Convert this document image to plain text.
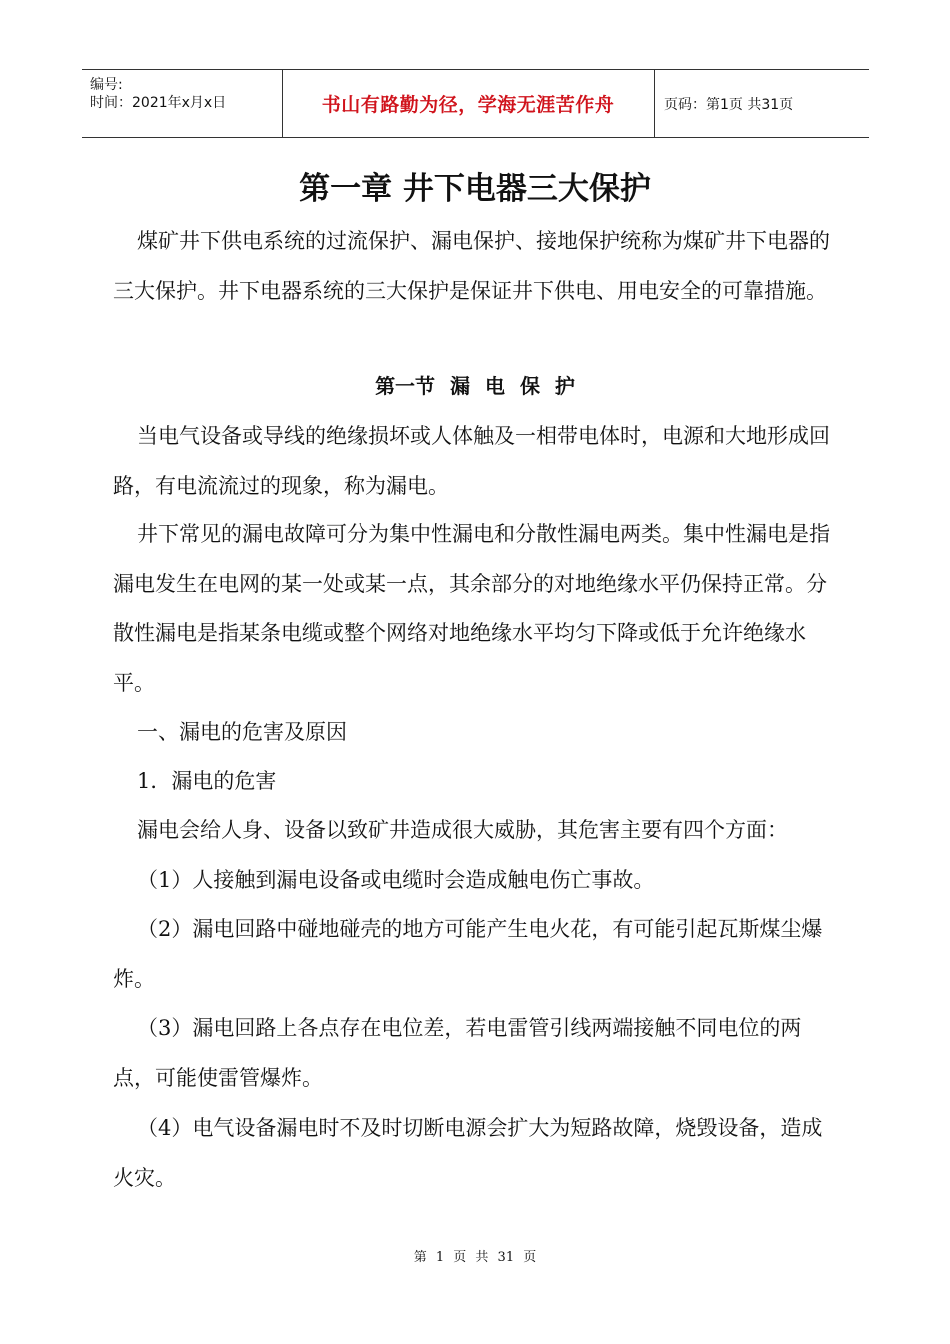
编号:
时间：2021年x月x日	书山有路勤为径，学海无涯苦作舟	页码：第1页 共31页
第一章 井下电器三大保护

煤矿井下供电系统的过流保护、漏电保护、接地保护统称为煤矿井下电器的三大保护。井下电器系统的三大保护是保证井下供电、用电安全的可靠措施。

第一节 漏 电 保 护

当电气设备或导线的绝缘损坏或人体触及一相带电体时，电源和大地形成回路，有电流流过的现象，称为漏电。

井下常见的漏电故障可分为集中性漏电和分散性漏电两类。集中性漏电是指漏电发生在电网的某一处或某一点，其余部分的对地绝缘水平仍保持正常。分散性漏电是指某条电缆或整个网络对地绝缘水平均匀下降或低于允许绝缘水平。

一、漏电的危害及原因

1．漏电的危害

漏电会给人身、设备以致矿井造成很大威胁，其危害主要有四个方面：

（1）人接触到漏电设备或电缆时会造成触电伤亡事故。

（2）漏电回路中碰地碰壳的地方可能产生电火花，有可能引起瓦斯煤尘爆炸。

（3）漏电回路上各点存在电位差，若电雷管引线两端接触不同电位的两点，可能使雷管爆炸。

（4）电气设备漏电时不及时切断电源会扩大为短路故障，烧毁设备，造成火灾。

第 1 页 共 31 页
